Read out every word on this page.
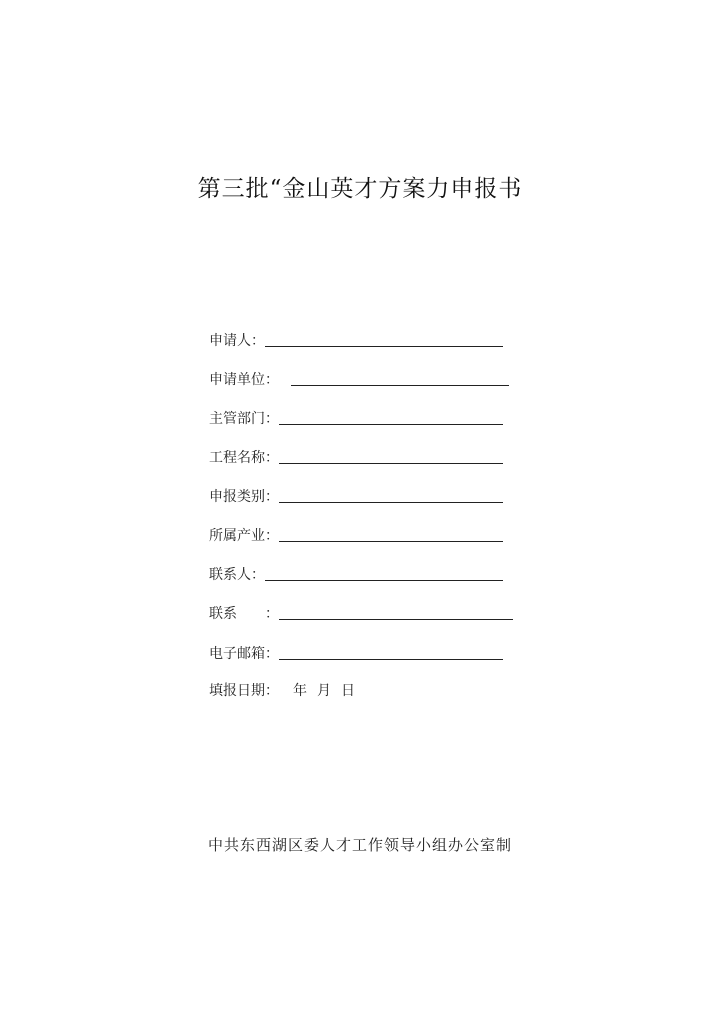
第三批“金山英才方案力申报书
申请人：
申请单位：
主管部门：
工程名称：
申报类别：
所属产业：
联系人：
联系　　：
电子邮箱：
填报日期： 年 月 日
中共东西湖区委人才工作领导小组办公室制
